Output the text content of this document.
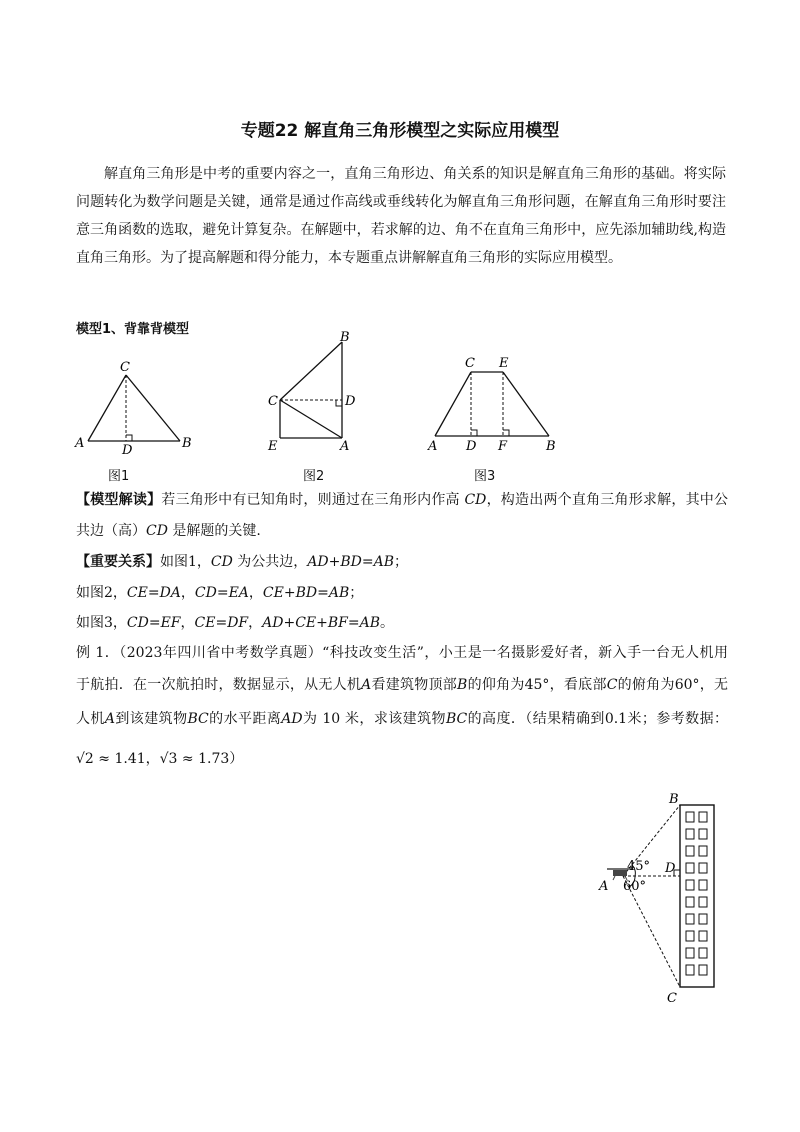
专题22 解直角三角形模型之实际应用模型

解直角三角形是中考的重要内容之一，直角三角形边、角关系的知识是解直角三角形的基础。将实际问题转化为数学问题是关键，通常是通过作高线或垂线转化为解直角三角形问题，在解直角三角形时要注意三角函数的选取，避免计算复杂。在解题中，若求解的边、角不在直角三角形中，应先添加辅助线,构造直角三角形。为了提高解题和得分能力，本专题重点讲解解直角三角形的实际应用模型。

模型1、背靠背模型
C
A	B
D
图1
B
C	D
E	A
图2
C E
A D F	B
图3
【模型解读】若三角形中有已知角时，则通过在三角形内作高 CD，构造出两个直角三角形求解，其中公
共边（高）CD 是解题的关键.
【重要关系】如图1，CD 为公共边，AD+BD=AB；
如图2，CE=DA，CD=EA，CE+BD=AB；
如图3，CD=EF，CE=DF，AD+CE+BF=AB。
例 1．（2023年四川省中考数学真题）“科技改变生活”，小王是一名摄影爱好者，新入手一台无人机用
于航拍．在一次航拍时，数据显示，从无人机A看建筑物顶部B的仰角为45°，看底部C的俯角为60°，无
人机A到该建筑物BC的水平距离AD为 10 米，求该建筑物BC的高度．（结果精确到0.1米；参考数据：
√2 ≈ 1.41，√3 ≈ 1.73）
B
D
A
C
45°
60°
